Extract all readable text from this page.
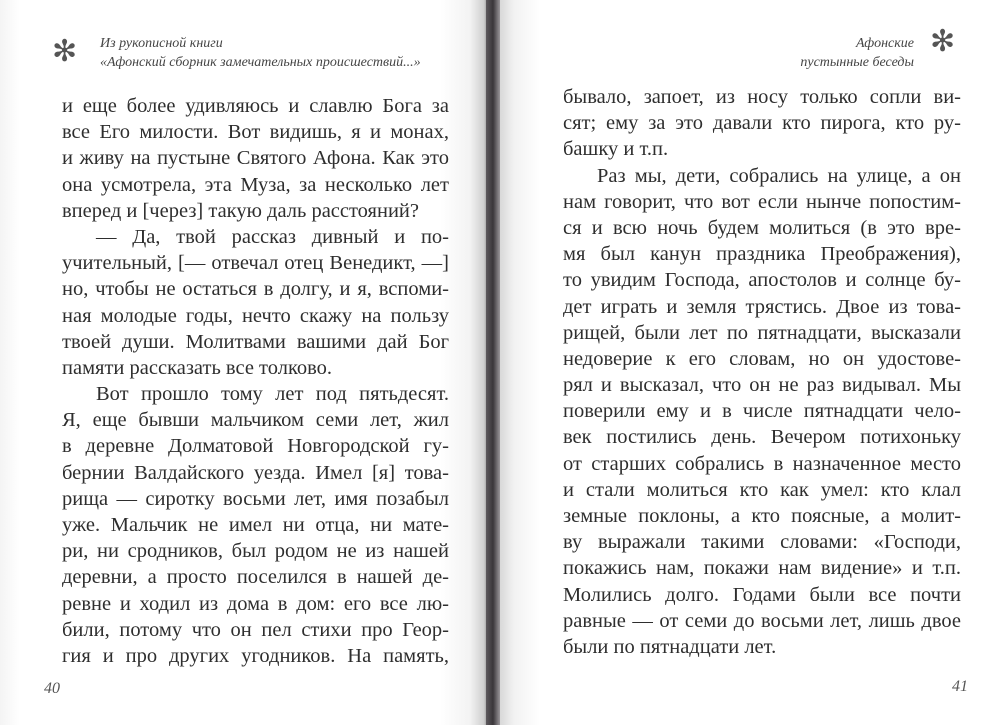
✻ Из рукописной книги
«Афонский сборник замечательных происшествий...»
и еще более удивляюсь и славлю Бога за
все Его милости. Вот видишь, я и монах,
и живу на пустыне Святого Афона. Как это
она усмотрела, эта Муза, за несколько лет
вперед и [через] такую даль расстояний?
— Да, твой рассказ дивный и по-
учительный, [— отвечал отец Венедикт, —]
но, чтобы не остаться в долгу, и я, вспоми-
ная молодые годы, нечто скажу на пользу
твоей души. Молитвами вашими дай Бог
памяти рассказать все толково.
Вот прошло тому лет под пятьдесят.
Я, еще бывши мальчиком семи лет, жил
в деревне Долматовой Новгородской гу-
бернии Валдайского уезда. Имел [я] това-
рища — сиротку восьми лет, имя позабыл
уже. Мальчик не имел ни отца, ни мате-
ри, ни сродников, был родом не из нашей
деревни, а просто поселился в нашей де-
ревне и ходил из дома в дом: его все лю-
били, потому что он пел стихи про Геор-
гия и про других угодников. На память,
40
Афонские
пустынные беседы
✻
бывало, запоет, из носу только сопли ви-
сят; ему за это давали кто пирога, кто ру-
башку и т.п.
Раз мы, дети, собрались на улице, а он
нам говорит, что вот если нынче попостим-
ся и всю ночь будем молиться (в это вре-
мя был канун праздника Преображения),
то увидим Господа, апостолов и солнце бу-
дет играть и земля трястись. Двое из това-
рищей, были лет по пятнадцати, высказали
недоверие к его словам, но он удостове-
рял и высказал, что он не раз видывал. Мы
поверили ему и в числе пятнадцати чело-
век постились день. Вечером потихоньку
от старших собрались в назначенное место
и стали молиться кто как умел: кто клал
земные поклоны, а кто поясные, а молит-
ву выражали такими словами: «Господи,
покажись нам, покажи нам видение» и т.п.
Молились долго. Годами были все почти
равные — от семи до восьми лет, лишь двое
были по пятнадцати лет.
41
